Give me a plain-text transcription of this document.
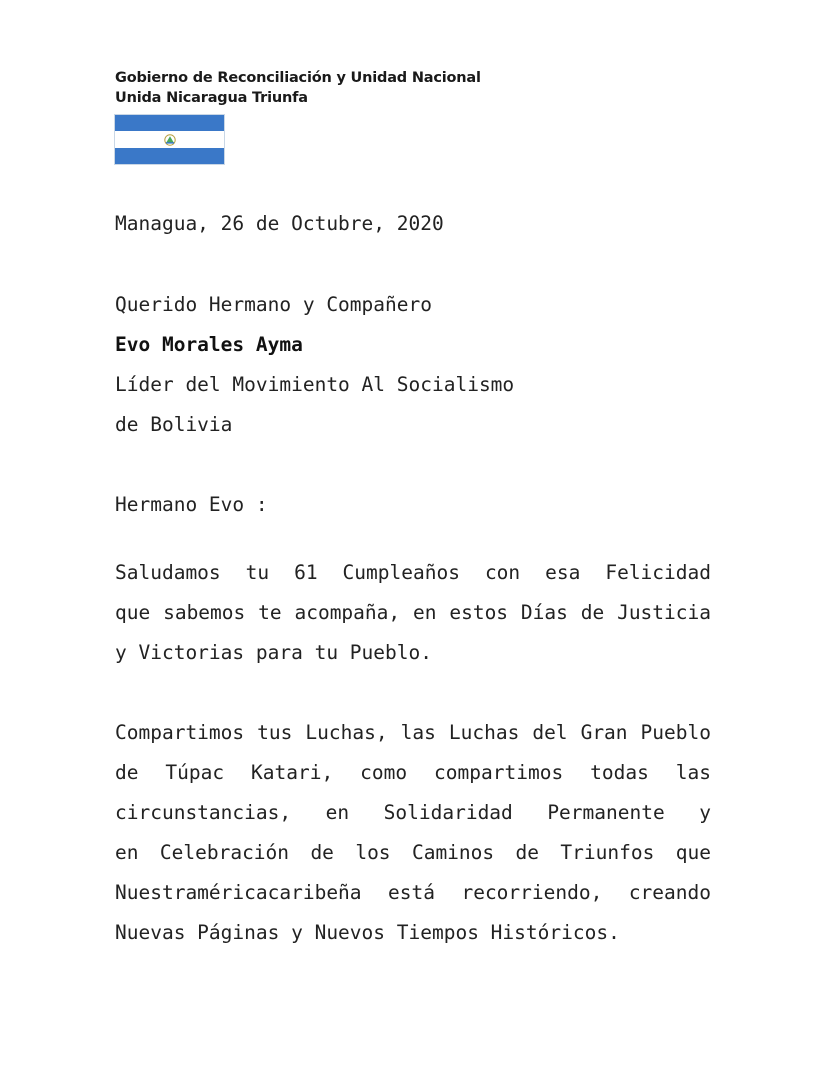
Gobierno de Reconciliación y Unidad Nacional
Unida Nicaragua Triunfa
Managua, 26 de Octubre, 2020
Querido Hermano y Compañero
Evo Morales Ayma
Líder del Movimiento Al Socialismo
de Bolivia
Hermano Evo :
Saludamos tu 61 Cumpleaños con esa Felicidad
que sabemos te acompaña, en estos Días de Justicia
y Victorias para tu Pueblo.
Compartimos tus Luchas, las Luchas del Gran Pueblo
de Túpac Katari, como compartimos todas las
circunstancias, en Solidaridad Permanente y
en Celebración de los Caminos de Triunfos que
Nuestraméricacaribeña está recorriendo, creando
Nuevas Páginas y Nuevos Tiempos Históricos.
